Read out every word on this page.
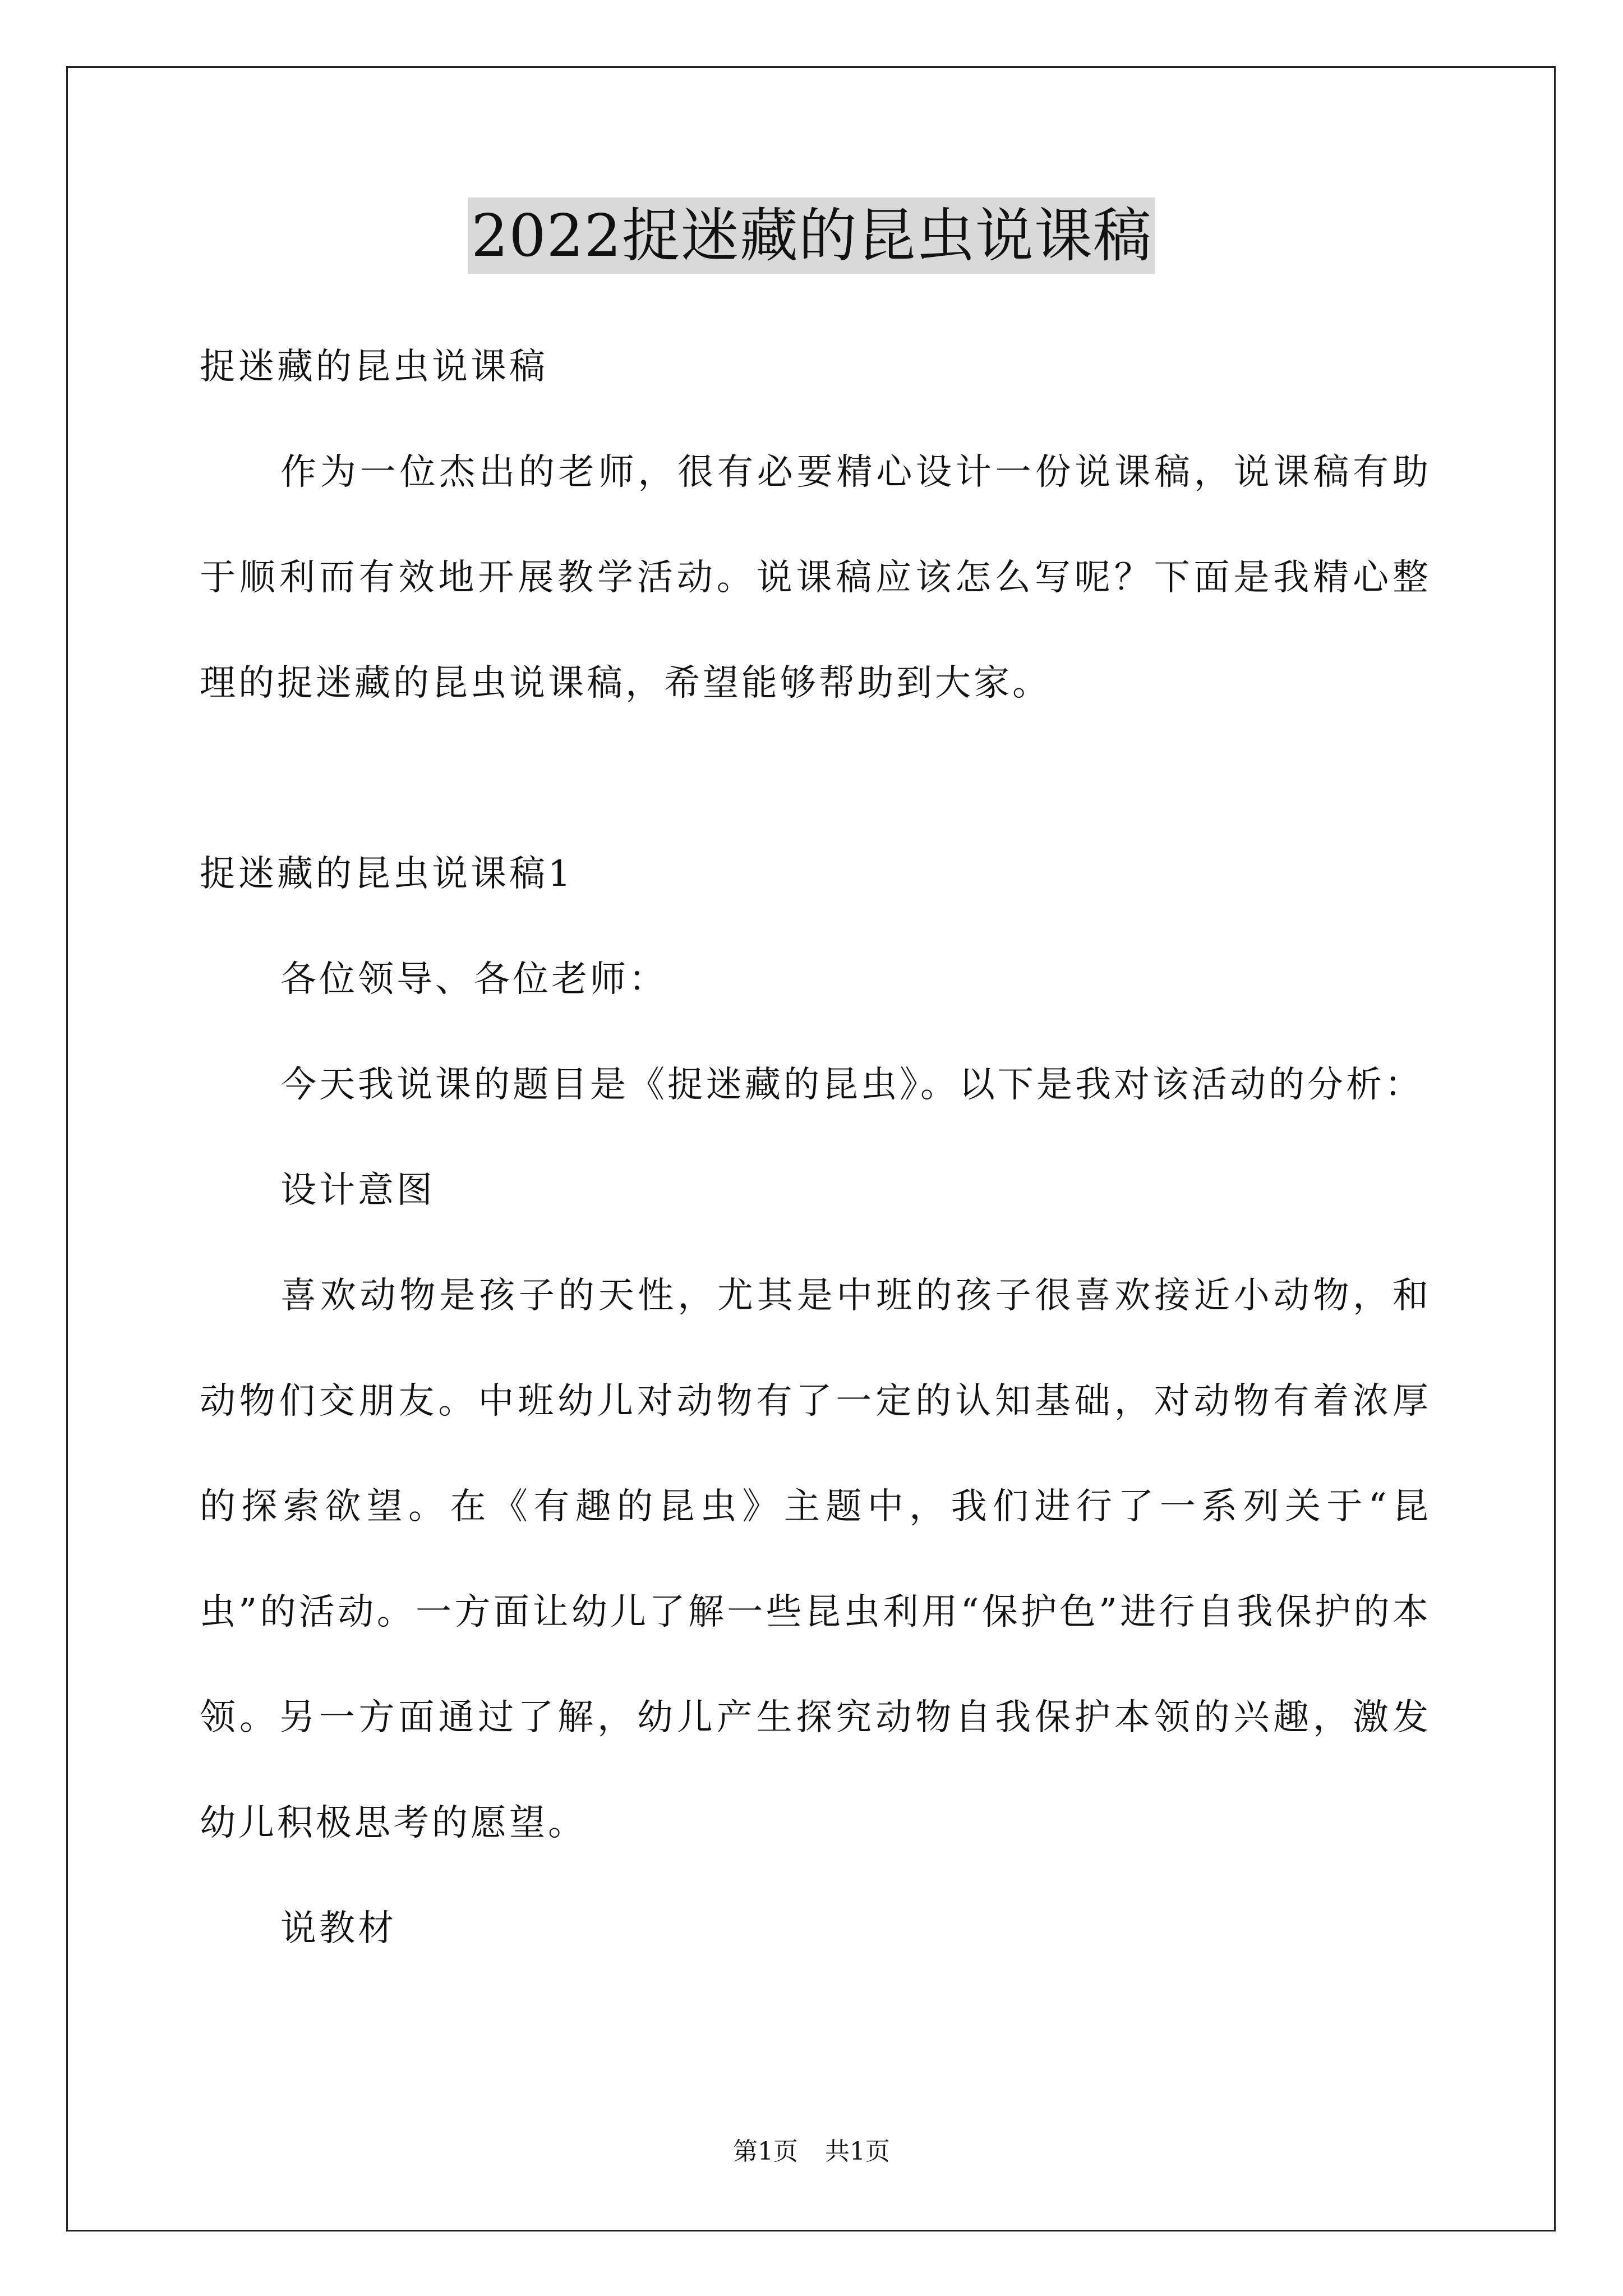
2022捉迷藏的昆虫说课稿

捉迷藏的昆虫说课稿

作为一位杰出的老师，很有必要精心设计一份说课稿，说课稿有助于顺利而有效地开展教学活动。说课稿应该怎么写呢？下面是我精心整理的捉迷藏的昆虫说课稿，希望能够帮助到大家。

捉迷藏的昆虫说课稿1

各位领导、各位老师：

今天我说课的题目是《捉迷藏的昆虫》。以下是我对该活动的分析：

设计意图

喜欢动物是孩子的天性，尤其是中班的孩子很喜欢接近小动物，和动物们交朋友。中班幼儿对动物有了一定的认知基础，对动物有着浓厚的探索欲望。在《有趣的昆虫》主题中，我们进行了一系列关于“昆虫”的活动。一方面让幼儿了解一些昆虫利用“保护色”进行自我保护的本领。另一方面通过了解，幼儿产生探究动物自我保护本领的兴趣，激发幼儿积极思考的愿望。

说教材

第1页 共1页
